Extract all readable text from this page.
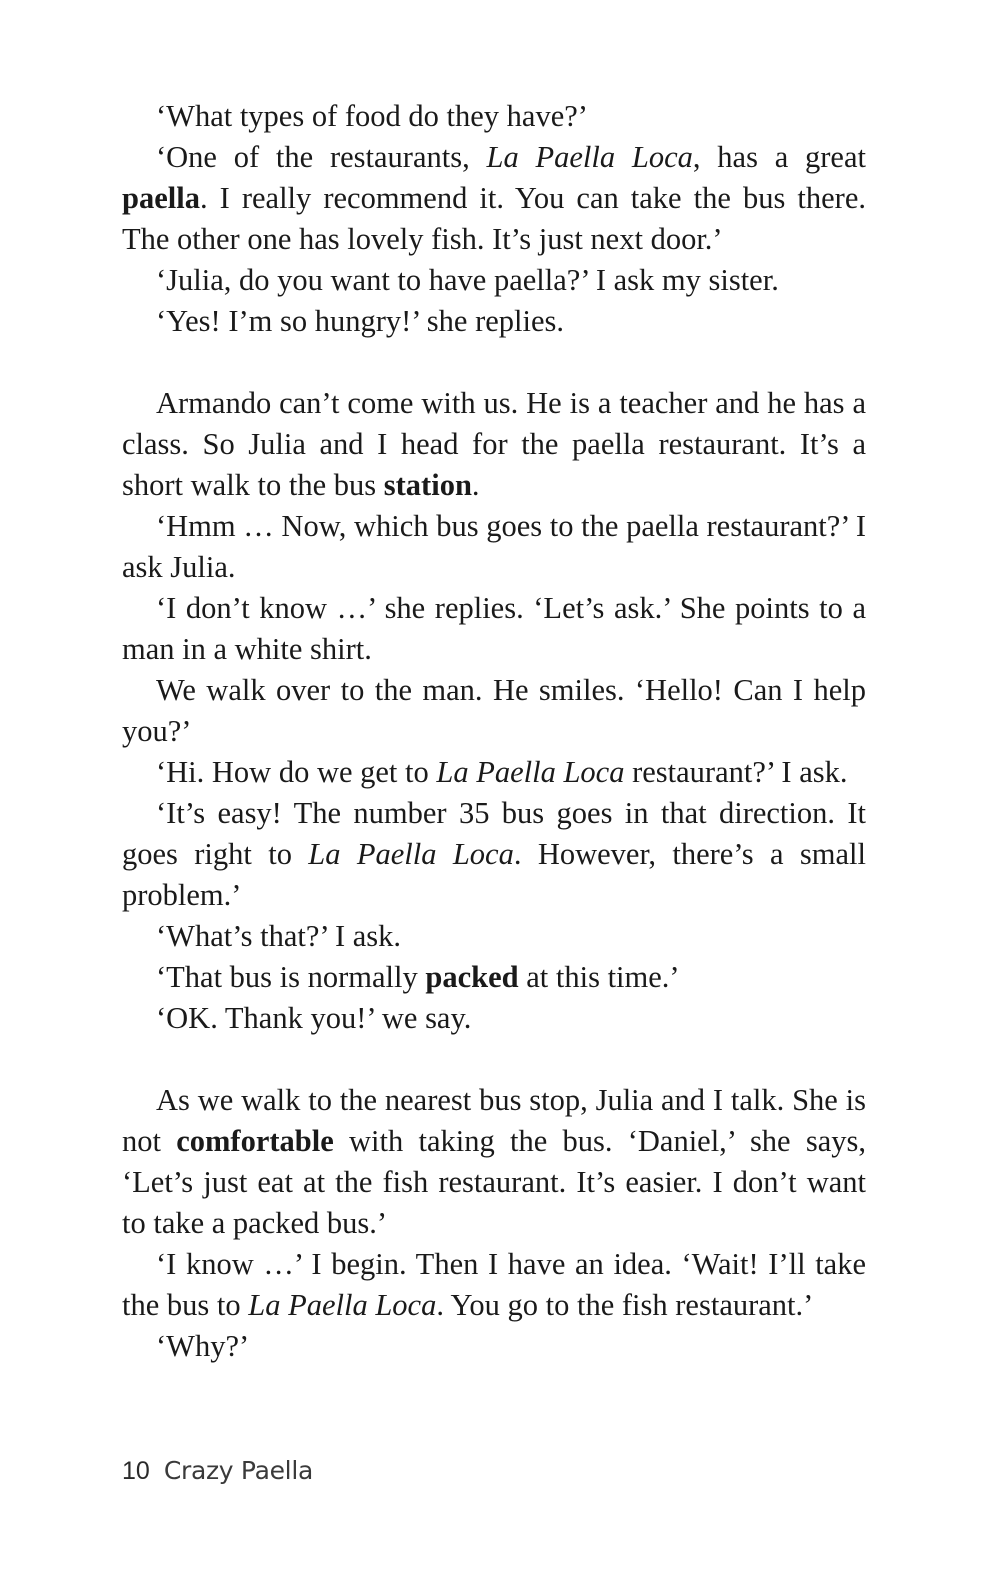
‘What types of food do they have?’

‘One of the restaurants, La Paella Loca, has a great paella. I really recommend it. You can take the bus there. The other one has lovely fish. It’s just next door.’

‘Julia, do you want to have paella?’ I ask my sister.

‘Yes! I’m so hungry!’ she replies.

Armando can’t come with us. He is a teacher and he has a class. So Julia and I head for the paella restaurant. It’s a short walk to the bus station.

‘Hmm … Now, which bus goes to the paella restaurant?’ I ask Julia.

‘I don’t know …’ she replies. ‘Let’s ask.’ She points to a man in a white shirt.

We walk over to the man. He smiles. ‘Hello! Can I help you?’

‘Hi. How do we get to La Paella Loca restaurant?’ I ask.

‘It’s easy! The number 35 bus goes in that direction. It goes right to La Paella Loca. However, there’s a small problem.’

‘What’s that?’ I ask.

‘That bus is normally packed at this time.’

‘OK. Thank you!’ we say.

As we walk to the nearest bus stop, Julia and I talk. She is not comfortable with taking the bus. ‘Daniel,’ she says, ‘Let’s just eat at the fish restaurant. It’s easier. I don’t want to take a packed bus.’

‘I know …’ I begin. Then I have an idea. ‘Wait! I’ll take the bus to La Paella Loca. You go to the fish restaurant.’

‘Why?’

10 Crazy Paella
